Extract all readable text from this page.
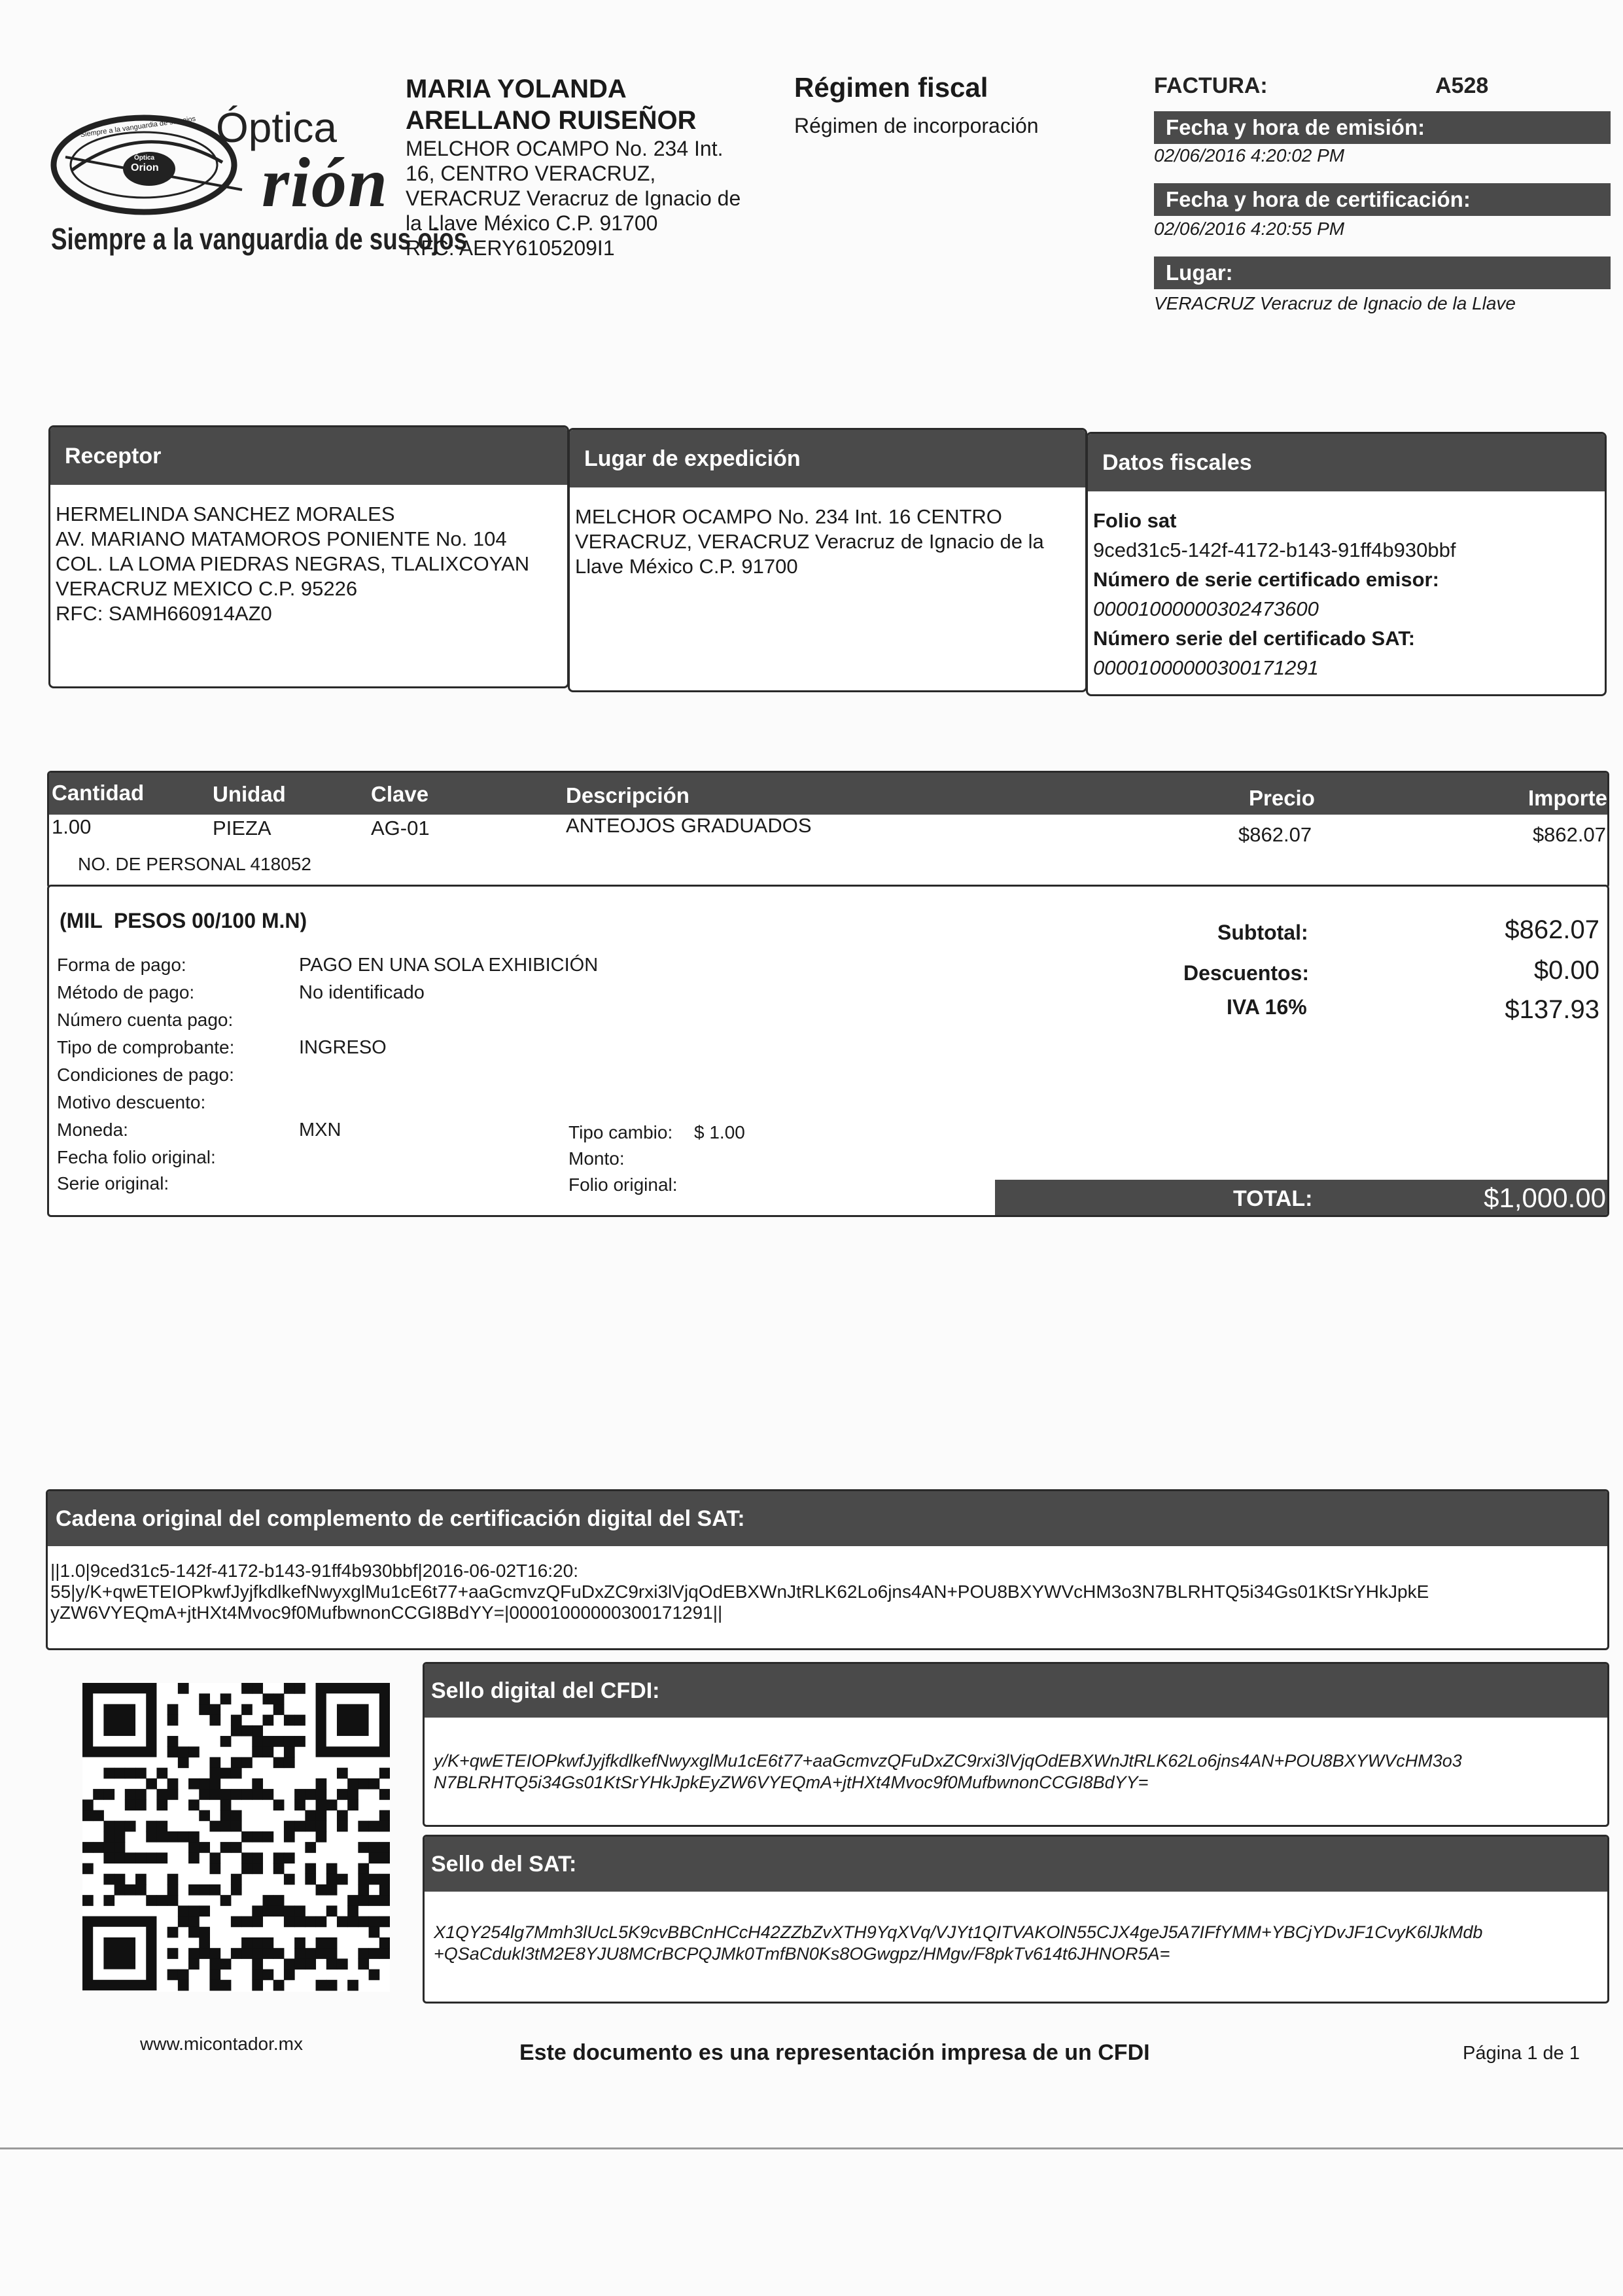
Óptica
rión
Siempre a la vanguardia de sus ojos
Óptica
Orion
Siempre a la vanguardia de sus ojos
MARIA YOLANDA
ARELLANO RUISEÑOR
MELCHOR OCAMPO No. 234 Int.
16, CENTRO VERACRUZ,
VERACRUZ Veracruz de Ignacio de
la Llave México C.P. 91700
RFC: AERY6105209I1
Régimen fiscal
Régimen de incorporación
FACTURA:	A528
Fecha y hora de emisión:
02/06/2016 4:20:02 PM
Fecha y hora de certificación:
02/06/2016 4:20:55 PM
Lugar:
VERACRUZ Veracruz de Ignacio de la Llave
Receptor
HERMELINDA SANCHEZ MORALES
AV. MARIANO MATAMOROS PONIENTE No. 104
COL. LA LOMA PIEDRAS NEGRAS, TLALIXCOYAN
VERACRUZ MEXICO C.P. 95226
RFC: SAMH660914AZ0
Lugar de expedición
MELCHOR OCAMPO No. 234 Int. 16 CENTRO
VERACRUZ, VERACRUZ Veracruz de Ignacio de la
Llave México C.P. 91700
Datos fiscales
Folio sat
9ced31c5-142f-4172-b143-91ff4b930bbf
Número de serie certificado emisor:
00001000000302473600
Número serie del certificado SAT:
00001000000300171291
Cantidad	Unidad	Clave	Descripción	Precio	Importe
1.00	PIEZA	AG-01	ANTEOJOS GRADUADOS	$862.07	$862.07
NO. DE PERSONAL 418052
(MIL  PESOS 00/100 M.N)
Forma de pago:	PAGO EN UNA SOLA EXHIBICIÓN
Método de pago:	No identificado
Número cuenta pago:
Tipo de comprobante:	INGRESO
Condiciones de pago:
Motivo descuento:
Moneda:	MXN
Fecha folio original:
Serie original:
Tipo cambio: $ 1.00
Monto:
Folio original:
Subtotal:	$862.07
Descuentos:	$0.00
IVA 16%	$137.93
TOTAL:	$1,000.00
Cadena original del complemento de certificación digital del SAT:
||1.0|9ced31c5-142f-4172-b143-91ff4b930bbf|2016-06-02T16:20:
55|y/K+qwETEIOPkwfJyjfkdlkefNwyxglMu1cE6t77+aaGcmvzQFuDxZC9rxi3lVjqOdEBXWnJtRLK62Lo6jns4AN+POU8BXYWVcHM3o3N7BLRHTQ5i34Gs01KtSrYHkJpkE
yZW6VYEQmA+jtHXt4Mvoc9f0MufbwnonCCGI8BdYY=|00001000000300171291||
Sello digital del CFDI:
y/K+qwETEIOPkwfJyjfkdlkefNwyxglMu1cE6t77+aaGcmvzQFuDxZC9rxi3lVjqOdEBXWnJtRLK62Lo6jns4AN+POU8BXYWVcHM3o3
N7BLRHTQ5i34Gs01KtSrYHkJpkEyZW6VYEQmA+jtHXt4Mvoc9f0MufbwnonCCGI8BdYY=
Sello del SAT:
X1QY254lg7Mmh3lUcL5K9cvBBCnHCcH42ZZbZvXTH9YqXVq/VJYt1QITVAKOlN55CJX4geJ5A7IFfYMM+YBCjYDvJF1CvyK6lJkMdb
+QSaCdukl3tM2E8YJU8MCrBCPQJMk0TmfBN0Ks8OGwgpz/HMgv/F8pkTv614t6JHNOR5A=
www.micontador.mx	Este documento es una representación impresa de un CFDI	Página 1 de 1
